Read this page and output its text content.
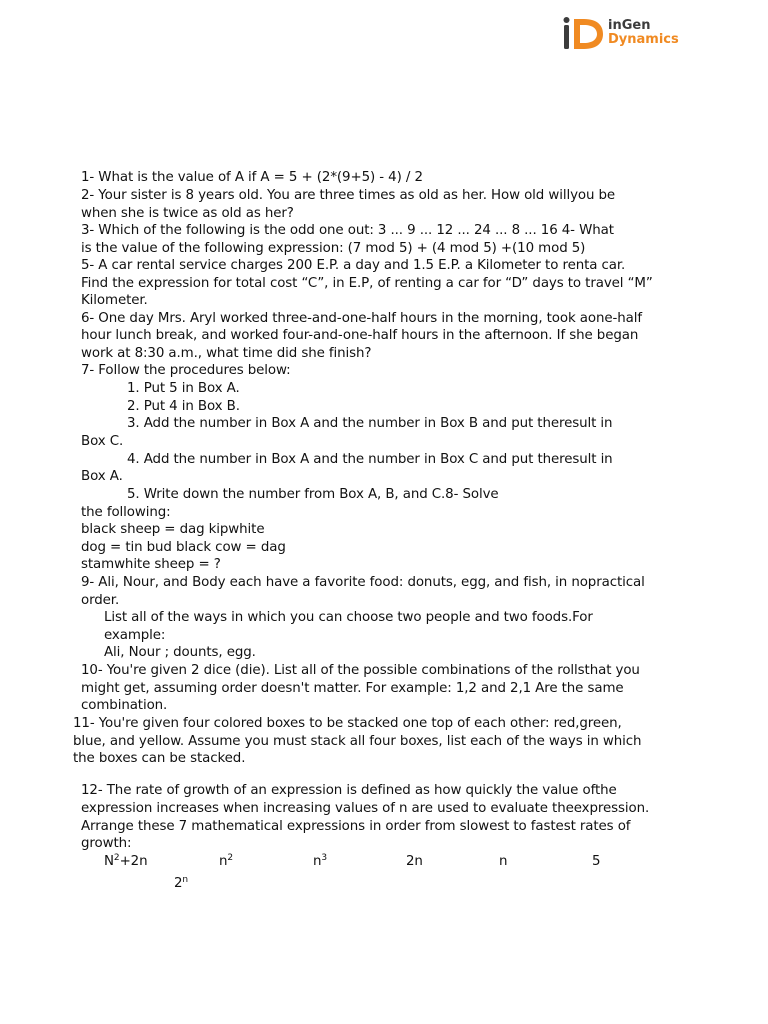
inGen
Dynamics
1- What is the value of A if A = 5 + (2*(9+5) - 4) / 2
2- Your sister is 8 years old. You are three times as old as her. How old willyou be
when she is twice as old as her?
3- Which of the following is the odd one out: 3 ... 9 ... 12 ... 24 ... 8 ... 16 4- What
is the value of the following expression: (7 mod 5) + (4 mod 5) +(10 mod 5)
5- A car rental service charges 200 E.P. a day and 1.5 E.P. a Kilometer to renta car.
Find the expression for total cost “C”, in E.P, of renting a car for “D” days to travel “M”
Kilometer.
6- One day Mrs. Aryl worked three-and-one-half hours in the morning, took aone-half
hour lunch break, and worked four-and-one-half hours in the afternoon. If she began
work at 8:30 a.m., what time did she finish?
7- Follow the procedures below:
1. Put 5 in Box A.
2. Put 4 in Box B.
3. Add the number in Box A and the number in Box B and put theresult in
Box C.
4. Add the number in Box A and the number in Box C and put theresult in
Box A.
5. Write down the number from Box A, B, and C.8- Solve
the following:
black sheep = dag kipwhite
dog = tin bud black cow = dag
stamwhite sheep = ?
9- Ali, Nour, and Body each have a favorite food: donuts, egg, and fish, in nopractical
order.
List all of the ways in which you can choose two people and two foods.For
example:
Ali, Nour ; dounts, egg.
10- You're given 2 dice (die). List all of the possible combinations of the rollsthat you
might get, assuming order doesn't matter. For example: 1,2 and 2,1 Are the same
combination.
11- You're given four colored boxes to be stacked one top of each other: red,green,
blue, and yellow. Assume you must stack all four boxes, list each of the ways in which
the boxes can be stacked.
12- The rate of growth of an expression is defined as how quickly the value ofthe
expression increases when increasing values of n are used to evaluate theexpression.
Arrange these 7 mathematical expressions in order from slowest to fastest rates of
growth:
$N^2+2n$	$n^2$	$n^3$	2n	n	5
2$^n$
